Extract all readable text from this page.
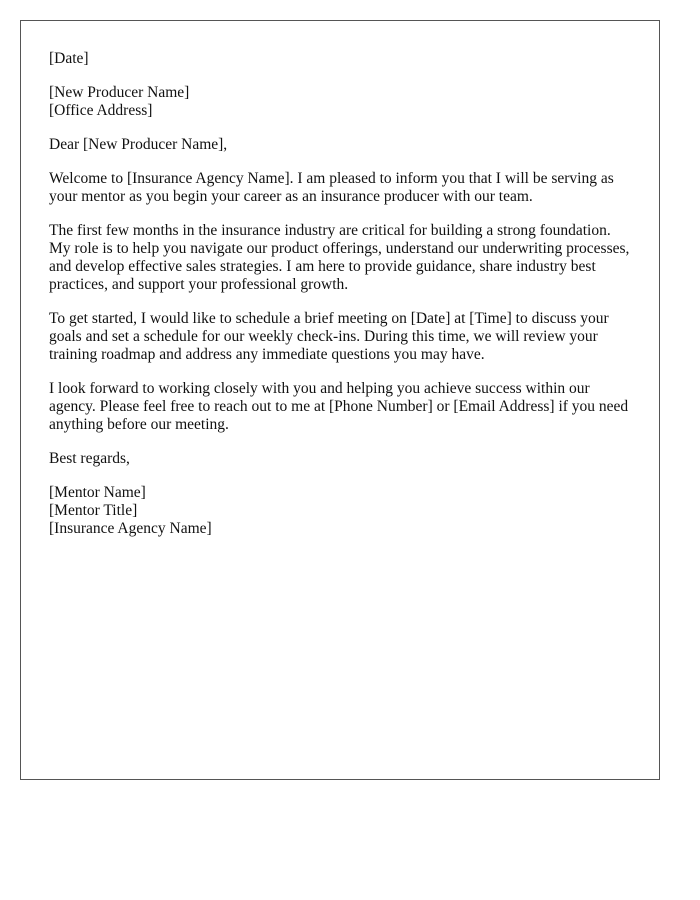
[Date]

[New Producer Name]
[Office Address]

Dear [New Producer Name],

Welcome to [Insurance Agency Name]. I am pleased to inform you that I will be serving as your mentor as you begin your career as an insurance producer with our team.

The first few months in the insurance industry are critical for building a strong foundation. My role is to help you navigate our product offerings, understand our underwriting processes, and develop effective sales strategies. I am here to provide guidance, share industry best practices, and support your professional growth.

To get started, I would like to schedule a brief meeting on [Date] at [Time] to discuss your goals and set a schedule for our weekly check-ins. During this time, we will review your training roadmap and address any immediate questions you may have.

I look forward to working closely with you and helping you achieve success within our agency. Please feel free to reach out to me at [Phone Number] or [Email Address] if you need anything before our meeting.

Best regards,

[Mentor Name]
[Mentor Title]
[Insurance Agency Name]
